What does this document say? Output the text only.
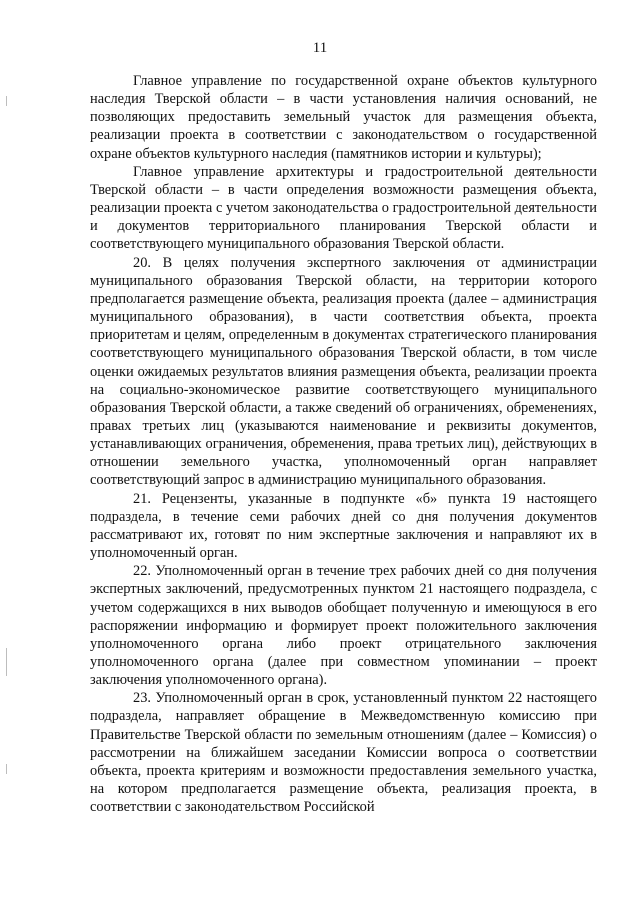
11

Главное управление по государственной охране объектов культурного наследия Тверской области – в части установления наличия оснований, не позволяющих предоставить земельный участок для размещения объекта, реализации проекта в соответствии с законодательством о государственной охране объектов культурного наследия (памятников истории и культуры);

Главное управление архитектуры и градостроительной деятельности Тверской области – в части определения возможности размещения объекта, реализации проекта с учетом законодательства о градостроительной деятельности и документов территориального планирования Тверской области и соответствующего муниципального образования Тверской области.

20. В целях получения экспертного заключения от администрации муниципального образования Тверской области, на территории которого предполагается размещение объекта, реализация проекта (далее – администрация муниципального образования), в части соответствия объекта, проекта приоритетам и целям, определенным в документах стратегического планирования соответствующего муниципального образования Тверской области, в том числе оценки ожидаемых результатов влияния размещения объекта, реализации проекта на социально-экономическое развитие соответствующего муниципального образования Тверской области, а также сведений об ограничениях, обременениях, правах третьих лиц (указываются наименование и реквизиты документов, устанавливающих ограничения, обременения, права третьих лиц), действующих в отношении земельного участка, уполномоченный орган направляет соответствующий запрос в администрацию муниципального образования.

21. Рецензенты, указанные в подпункте «б» пункта 19 настоящего подраздела, в течение семи рабочих дней со дня получения документов рассматривают их, готовят по ним экспертные заключения и направляют их в уполномоченный орган.

22. Уполномоченный орган в течение трех рабочих дней со дня получения экспертных заключений, предусмотренных пунктом 21 настоящего подраздела, с учетом содержащихся в них выводов обобщает полученную и имеющуюся в его распоряжении информацию и формирует проект положительного заключения уполномоченного органа либо проект отрицательного заключения уполномоченного органа (далее при совместном упоминании – проект заключения уполномоченного органа).

23. Уполномоченный орган в срок, установленный пунктом 22 настоящего подраздела, направляет обращение в Межведомственную комиссию при Правительстве Тверской области по земельным отношениям (далее – Комиссия) о рассмотрении на ближайшем заседании Комиссии вопроса о соответствии объекта, проекта критериям и возможности предоставления земельного участка, на котором предполагается размещение объекта, реализация проекта, в соответствии с законодательством Российской
